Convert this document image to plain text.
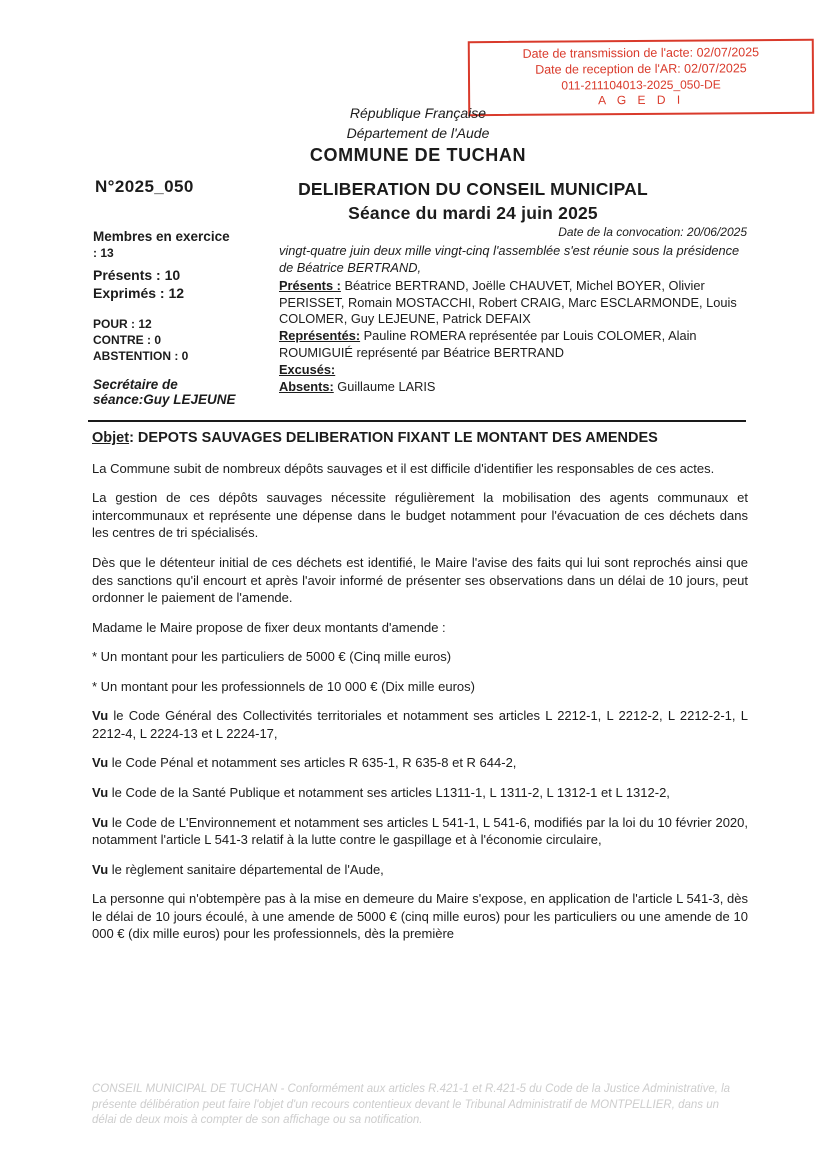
Date de transmission de l'acte: 02/07/2025
Date de reception de l'AR: 02/07/2025
011-211104013-2025_050-DE
A G E D I
République Française
Département de l'Aude
COMMUNE DE TUCHAN
N°2025_050	DELIBERATION DU CONSEIL MUNICIPAL
Séance du mardi 24 juin 2025
Membres en exercice
: 13
Présents : 10
Exprimés : 12
POUR : 12
CONTRE : 0
ABSTENTION : 0
Secrétaire de
séance:Guy LEJEUNE
Date de la convocation: 20/06/2025
vingt-quatre juin deux mille vingt-cinq l'assemblée s'est réunie sous la présidence de Béatrice BERTRAND,
Présents : Béatrice BERTRAND, Joëlle CHAUVET, Michel BOYER, Olivier PERISSET, Romain MOSTACCHI, Robert CRAIG, Marc ESCLARMONDE, Louis COLOMER, Guy LEJEUNE, Patrick DEFAIX
Représentés: Pauline ROMERA représentée par Louis COLOMER, Alain ROUMIGUIÉ représenté par Béatrice BERTRAND
Excusés:
Absents: Guillaume LARIS
Objet: DEPOTS SAUVAGES DELIBERATION FIXANT LE MONTANT DES AMENDES

La Commune subit de nombreux dépôts sauvages et il est difficile d'identifier les responsables de ces actes.

La gestion de ces dépôts sauvages nécessite régulièrement la mobilisation des agents communaux et intercommunaux et représente une dépense dans le budget notamment pour l'évacuation de ces déchets dans les centres de tri spécialisés.

Dès que le détenteur initial de ces déchets est identifié, le Maire l'avise des faits qui lui sont reprochés ainsi que des sanctions qu'il encourt et après l'avoir informé de présenter ses observations dans un délai de 10 jours, peut ordonner le paiement de l'amende.

Madame le Maire propose de fixer deux montants d'amende :

* Un montant pour les particuliers de 5000 € (Cinq mille euros)

* Un montant pour les professionnels de 10 000 € (Dix mille euros)

Vu le Code Général des Collectivités territoriales et notamment ses articles L 2212-1, L 2212-2, L 2212-2-1, L 2212-4, L 2224-13 et L 2224-17,

Vu le Code Pénal et notamment ses articles R 635-1, R 635-8 et R 644-2,

Vu le Code de la Santé Publique et notamment ses articles L1311-1, L 1311-2, L 1312-1 et L 1312-2,

Vu le Code de L'Environnement et notamment ses articles L 541-1, L 541-6, modifiés par la loi du 10 février 2020, notamment l'article L 541-3 relatif à la lutte contre le gaspillage et à l'économie circulaire,

Vu le règlement sanitaire départemental de l'Aude,

La personne qui n'obtempère pas à la mise en demeure du Maire s'expose, en application de l'article L 541-3, dès le délai de 10 jours écoulé, à une amende de 5000 € (cinq mille euros) pour les particuliers ou une amende de 10 000 € (dix mille euros) pour les professionnels, dès la première

CONSEIL MUNICIPAL DE TUCHAN - Conformément aux articles R.421-1 et R.421-5 du Code de la Justice Administrative, la présente délibération peut faire l'objet d'un recours contentieux devant le Tribunal Administratif de MONTPELLIER, dans un délai de deux mois à compter de son affichage ou sa notification.
